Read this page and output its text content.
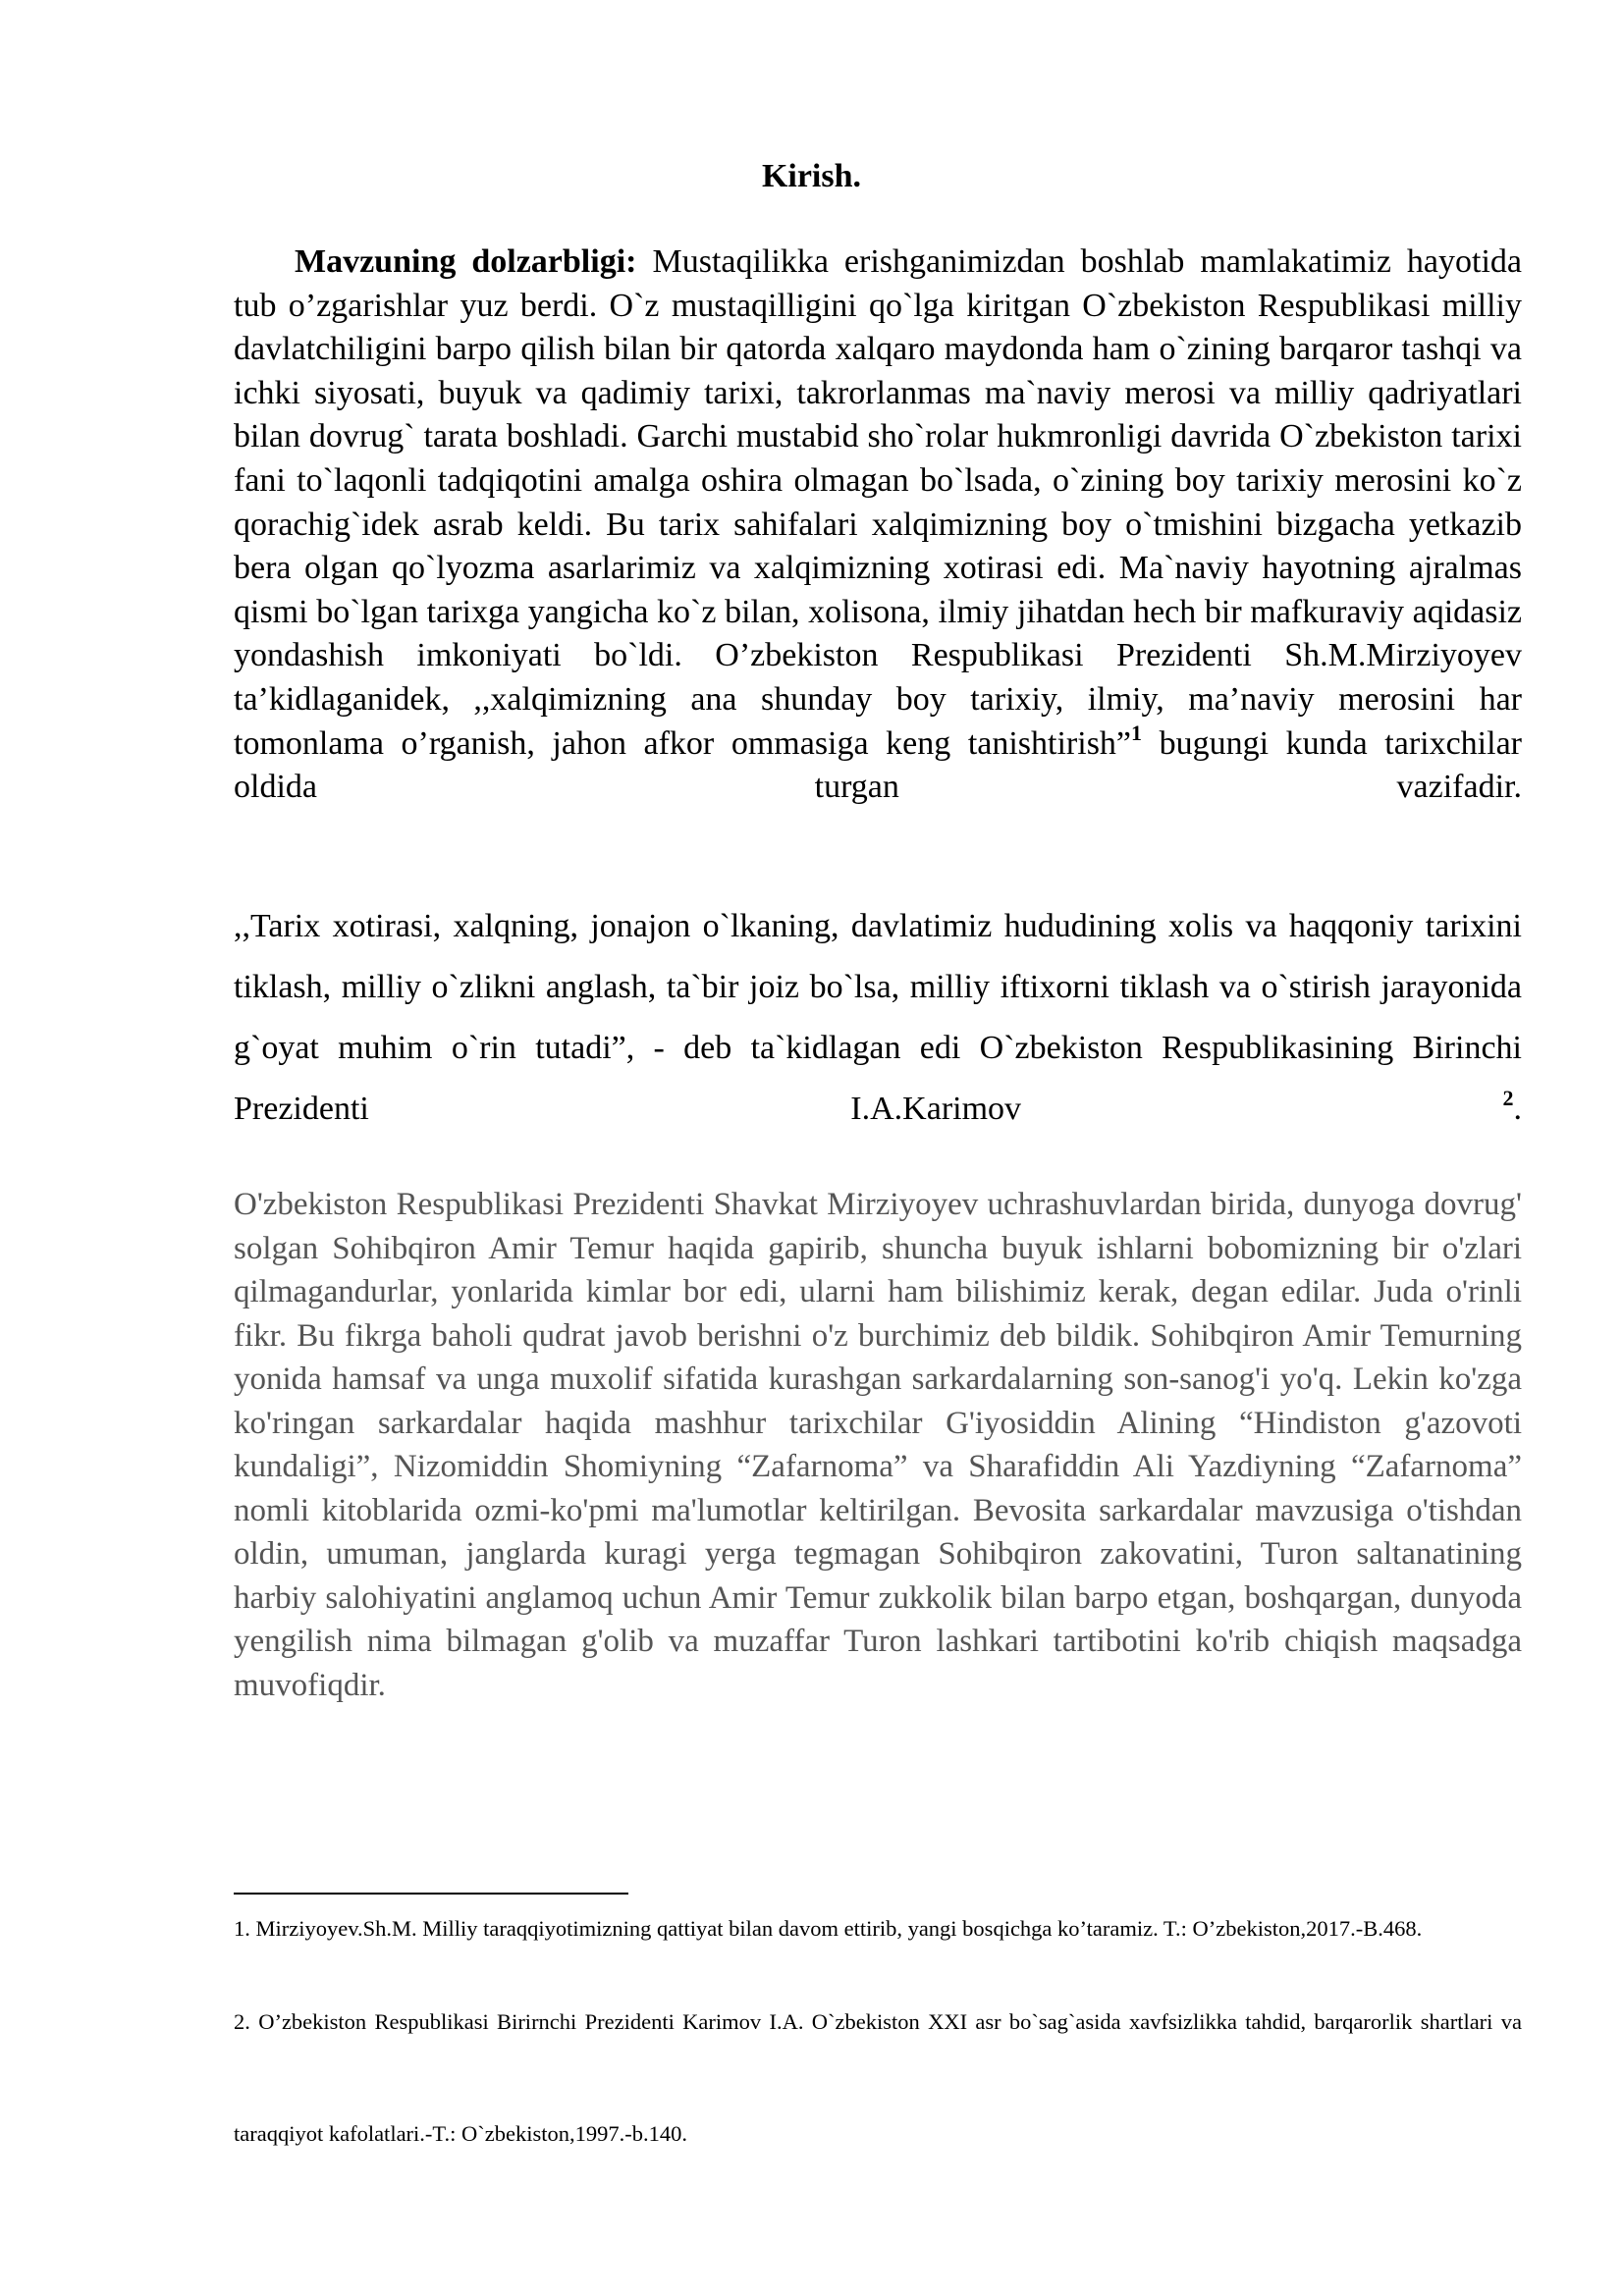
Kirish.
Mavzuning dolzarbligi: Mustaqilikka erishganimizdan boshlab mamlakatimiz hayotida tub o’zgarishlar yuz berdi. O`z mustaqilligini qo`lga kiritgan O`zbekiston Respublikasi milliy davlatchiligini barpo qilish bilan bir qatorda xalqaro maydonda ham o`zining barqaror tashqi va ichki siyosati, buyuk va qadimiy tarixi, takrorlanmas ma`naviy merosi va milliy qadriyatlari bilan dovrug` tarata boshladi. Garchi mustabid sho`rolar hukmronligi davrida O`zbekiston tarixi fani to`laqonli tadqiqotini amalga oshira olmagan bo`lsada, o`zining boy tarixiy merosini ko`z qorachig`idek asrab keldi. Bu tarix sahifalari xalqimizning boy o`tmishini bizgacha yetkazib bera olgan qo`lyozma asarlarimiz va xalqimizning xotirasi edi. Ma`naviy hayotning ajralmas qismi bo`lgan tarixga yangicha ko`z bilan, xolisona, ilmiy jihatdan hech bir mafkuraviy aqidasiz yondashish imkoniyati bo`ldi. O’zbekiston Respublikasi Prezidenti Sh.M.Mirziyoyev ta’kidlaganidek, ,,xalqimizning ana shunday boy tarixiy, ilmiy, ma’naviy merosini har tomonlama o’rganish, jahon afkor ommasiga keng tanishtirish”$^1$ bugungi kunda tarixchilar oldida turgan vazifadir.
,,Tarix xotirasi, xalqning, jonajon o`lkaning, davlatimiz hududining xolis va haqqoniy tarixini tiklash, milliy o`zlikni anglash, ta`bir joiz bo`lsa, milliy iftixorni tiklash va o`stirish jarayonida g`oyat muhim o`rin tutadi”, - deb ta`kidlagan edi O`zbekiston Respublikasining Birinchi Prezidenti I.A.Karimov	$^2$.
O'zbekiston Respublikasi Prezidenti Shavkat Mirziyoyev uchrashuvlardan birida, dunyoga dovrug' solgan Sohibqiron Amir Temur haqida gapirib, shuncha buyuk ishlarni bobomizning bir o'zlari qilmagandurlar, yonlarida kimlar bor edi, ularni ham bilishimiz kerak, degan edilar. Juda o'rinli fikr. Bu fikrga baholi qudrat javob berishni o'z burchimiz deb bildik. Sohibqiron Amir Temurning yonida hamsaf va unga muxolif sifatida kurashgan sarkardalarning son-sanog'i yo'q. Lekin ko'zga ko'ringan sarkardalar haqida mashhur tarixchilar G'iyosiddin Alining “Hindiston g'azovoti kundaligi”, Nizomiddin Shomiyning “Zafarnoma” va Sharafiddin Ali Yazdiyning “Zafarnoma” nomli kitoblarida ozmi-ko'pmi ma'lumotlar keltirilgan. Bevosita sarkardalar mavzusiga o'tishdan oldin, umuman, janglarda kuragi yerga tegmagan Sohibqiron zakovatini, Turon saltanatining harbiy salohiyatini anglamoq uchun Amir Temur zukkolik bilan barpo etgan, boshqargan, dunyoda yengilish nima bilmagan g'olib va muzaffar Turon lashkari tartibotini ko'rib chiqish maqsadga muvofiqdir.
1. Mirziyoyev.Sh.M. Milliy taraqqiyotimizning qattiyat bilan davom ettirib, yangi bosqichga ko’taramiz. T.: O’zbekiston,2017.-B.468.
2. O’zbekiston Respublikasi Birirnchi Prezidenti Karimov I.A. O`zbekiston XXI asr bo`sag`asida xavfsizlikka tahdid, barqarorlik shartlari va
taraqqiyot kafolatlari.-T.: O`zbekiston,1997.-b.140.
